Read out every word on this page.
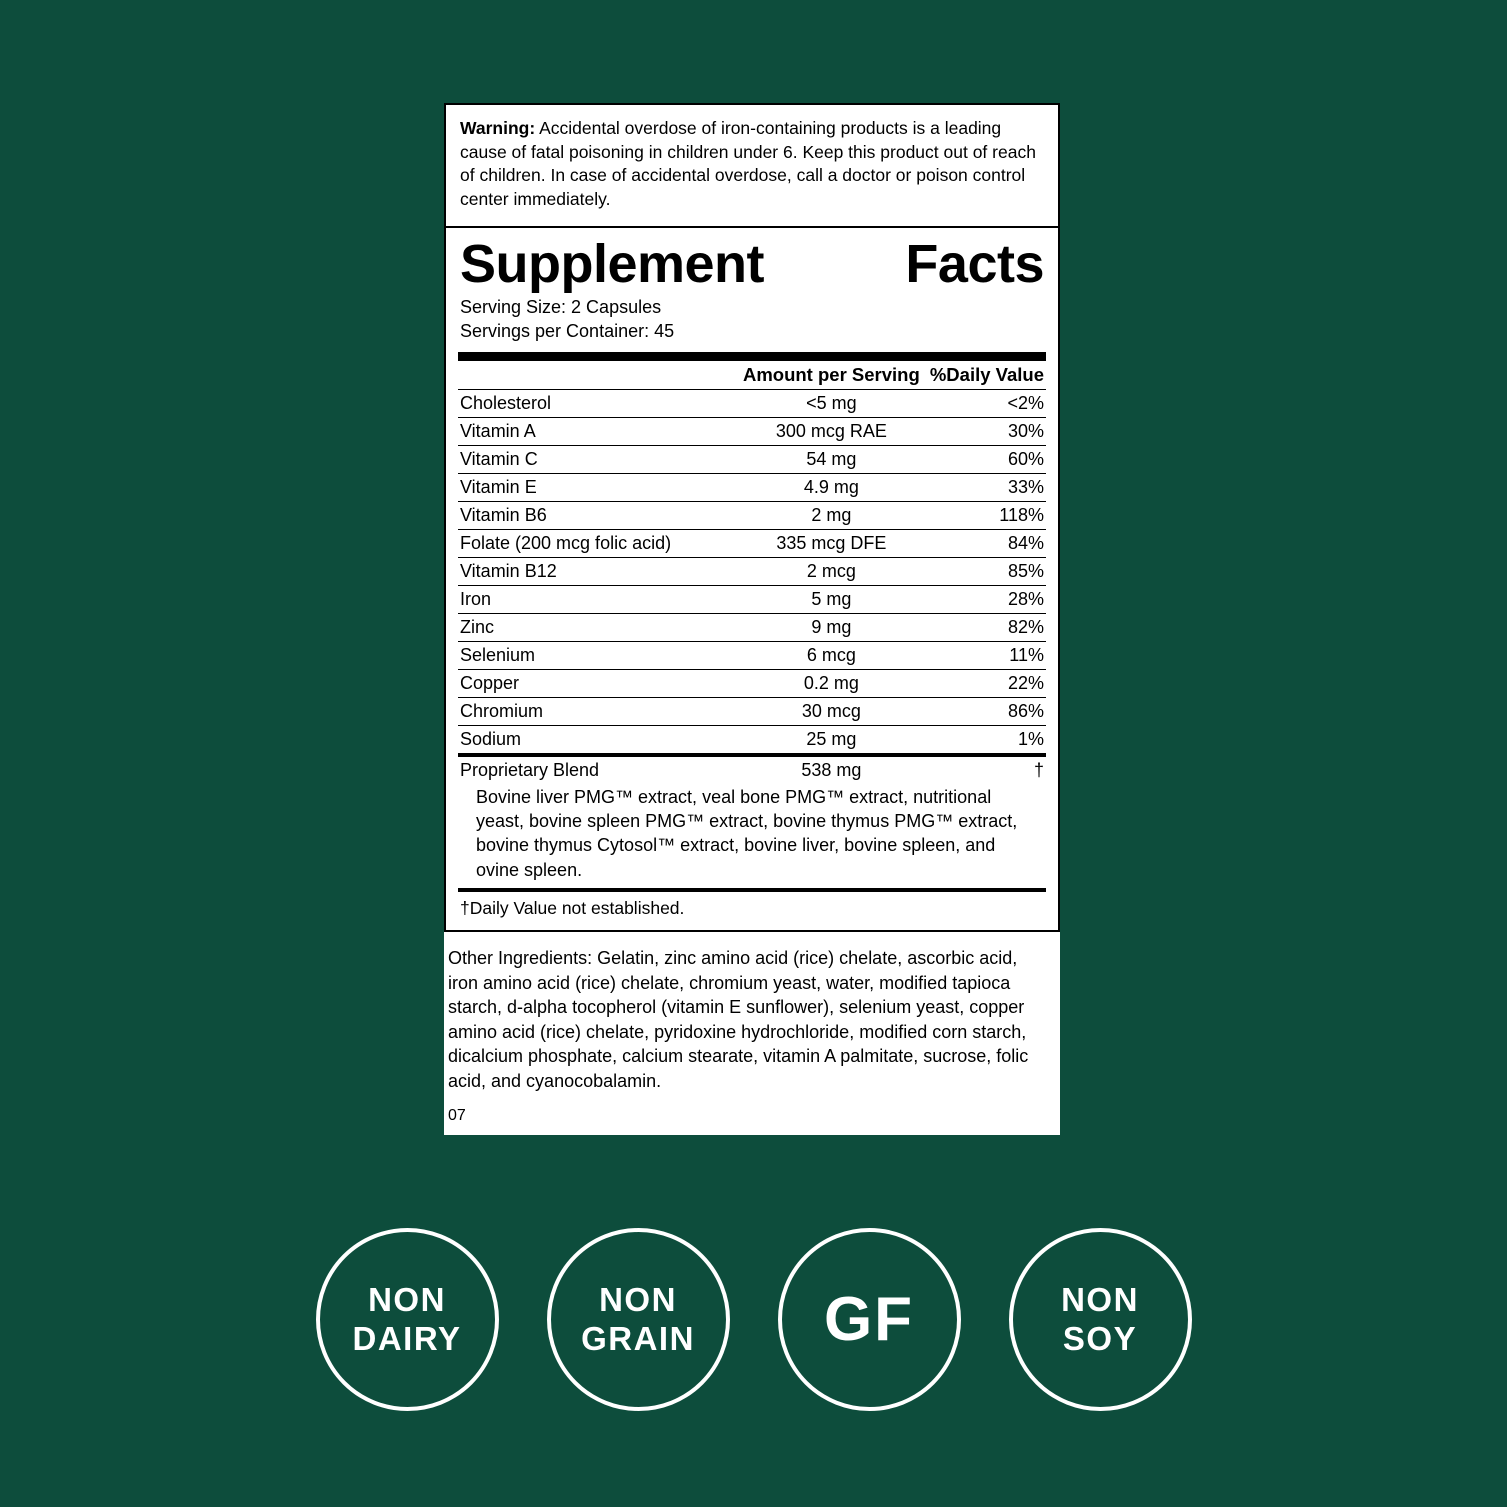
Warning: Accidental overdose of iron-containing products is a leading cause of fatal poisoning in children under 6. Keep this product out of reach of children. In case of accidental overdose, call a doctor or poison control center immediately.
Supplement	Facts
Serving Size: 2 Capsules
Servings per Container: 45
	Amount per Serving	%Daily Value
Cholesterol	<5 mg	<2%
Vitamin A	300 mcg RAE	30%
Vitamin C	54 mg	60%
Vitamin E	4.9 mg	33%
Vitamin B6	2 mg	118%
Folate (200 mcg folic acid)	335 mcg DFE	84%
Vitamin B12	2 mcg	85%
Iron	5 mg	28%
Zinc	9 mg	82%
Selenium	6 mcg	11%
Copper	0.2 mg	22%
Chromium	30 mcg	86%
Sodium	25 mg	1%
Proprietary Blend	538 mg	†
Bovine liver PMG™ extract, veal bone PMG™ extract, nutritional yeast, bovine spleen PMG™ extract, bovine thymus PMG™ extract, bovine thymus Cytosol™ extract, bovine liver, bovine spleen, and ovine spleen.
†Daily Value not established.
Other Ingredients: Gelatin, zinc amino acid (rice) chelate, ascorbic acid, iron amino acid (rice) chelate, chromium yeast, water, modified tapioca starch, d-alpha tocopherol (vitamin E sunflower), selenium yeast, copper amino acid (rice) chelate, pyridoxine hydrochloride, modified corn starch, dicalcium phosphate, calcium stearate, vitamin A palmitate, sucrose, folic acid, and cyanocobalamin.
07
NON
DAIRY
NON
GRAIN GF	NON
SOY
